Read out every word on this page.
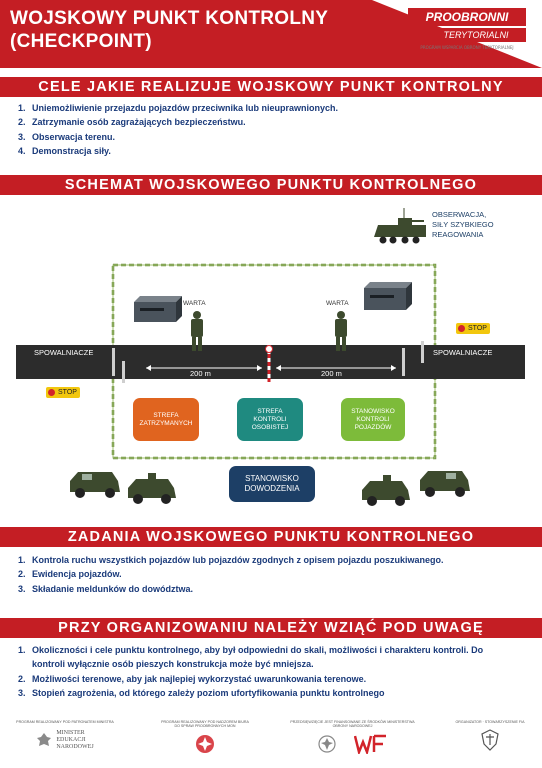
WOJSKOWY PUNKT KONTROLNY
(CHECKPOINT)
PROOBRONNI
TERYTORIALNI
PROGRAM WSPARCIA OBRONY TERYTORIALNEJ
WWW.PROOBRONNI-TERYTORIALNI.PL
CELE JAKIE REALIZUJE WOJSKOWY PUNKT KONTROLNY
1. Uniemożliwienie przejazdu pojazdów przeciwnika lub nieuprawnionych.
2. Zatrzymanie osób zagrażających bezpieczeństwu.
3. Obserwacja terenu.
4. Demonstracja siły.
SCHEMAT WOJSKOWEGO PUNKTU KONTROLNEGO
OBSERWACJA,
SIŁY SZYBKIEGO
REAGOWANIA
WARTA	WARTA
SPOWALNIACZE	SPOWALNIACZE
200 m	200 m
STOP
STOP
STREFA
ZATRZYMANYCH
STREFA
KONTROLI
OSOBISTEJ
STANOWISKO
KONTROLI
POJAZDÓW
STANOWISKO
DOWODZENIA
ZADANIA WOJSKOWEGO PUNKTU KONTROLNEGO
1. Kontrola ruchu wszystkich pojazdów lub pojazdów zgodnych z opisem pojazdu poszukiwanego.
2. Ewidencja pojazdów.
3. Składanie meldunków do dowództwa.
PRZY ORGANIZOWANIU NALEŻY WZIĄĆ POD UWAGĘ
1. Okoliczności i cele punktu kontrolnego, aby był odpowiedni do skali, możliwości i charakteru kontroli. Do kontroli wyłącznie osób pieszych konstrukcja może być mniejsza.
2. Możliwości terenowe, aby jak najlepiej wykorzystać uwarunkowania terenowe.
3. Stopień zagrożenia, od którego zależy poziom ufortyfikowania punktu kontrolnego
PROGRAM REALIZOWANY POD PATRONATEM MINISTRA
MINISTER
EDUKACJI
NARODOWEJ
PROGRAM REALIZOWANY POD NADZOREM BIURA DO SPRAW PROOBRONNYCH MON
PRZEDSIĘWZIĘCIE JEST FINANSOWANE ZE ŚRODKÓW MINISTERSTWA OBRONY NARODOWEJ
ORGANIZATOR · STOWARZYSZENIE FIA
